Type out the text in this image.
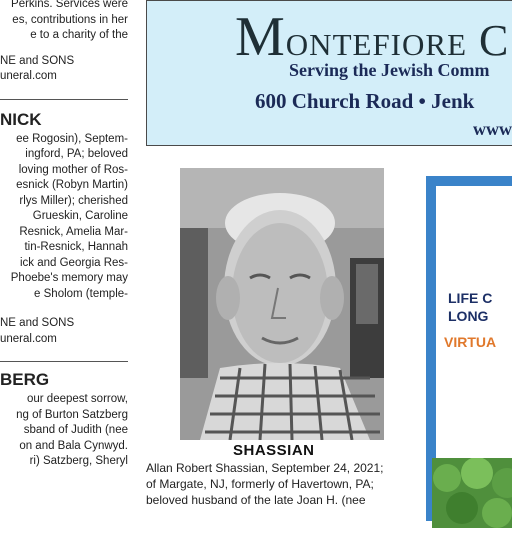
Perkins. Services were
es, contributions in her
e to a charity of the
NE and SONS
uneral.com
NICK
ee Rogosin), Septem-
ingford, PA; beloved
loving mother of Ros-
esnick (Robyn Martin)
rlys Miller); cherished
Grueskin, Caroline
Resnick, Amelia Mar-
tin-Resnick, Hannah
ick and Georgia Res-
Phoebe's memory may
e Sholom (temple-
NE and SONS
uneral.com
BERG
our deepest sorrow,
ng of Burton Satzberg
sband of Judith (nee
on and Bala Cynwyd.
ri) Satzberg, Sheryl
Montefiore C
Serving the Jewish Comm
600 Church Road • Jenk
www
SHASSIAN
Allan Robert Shassian, September 24, 2021;
of Margate, NJ, formerly of Havertown, PA;
beloved husband of the late Joan H. (nee
LIFE C
LONG
VIRTUA
